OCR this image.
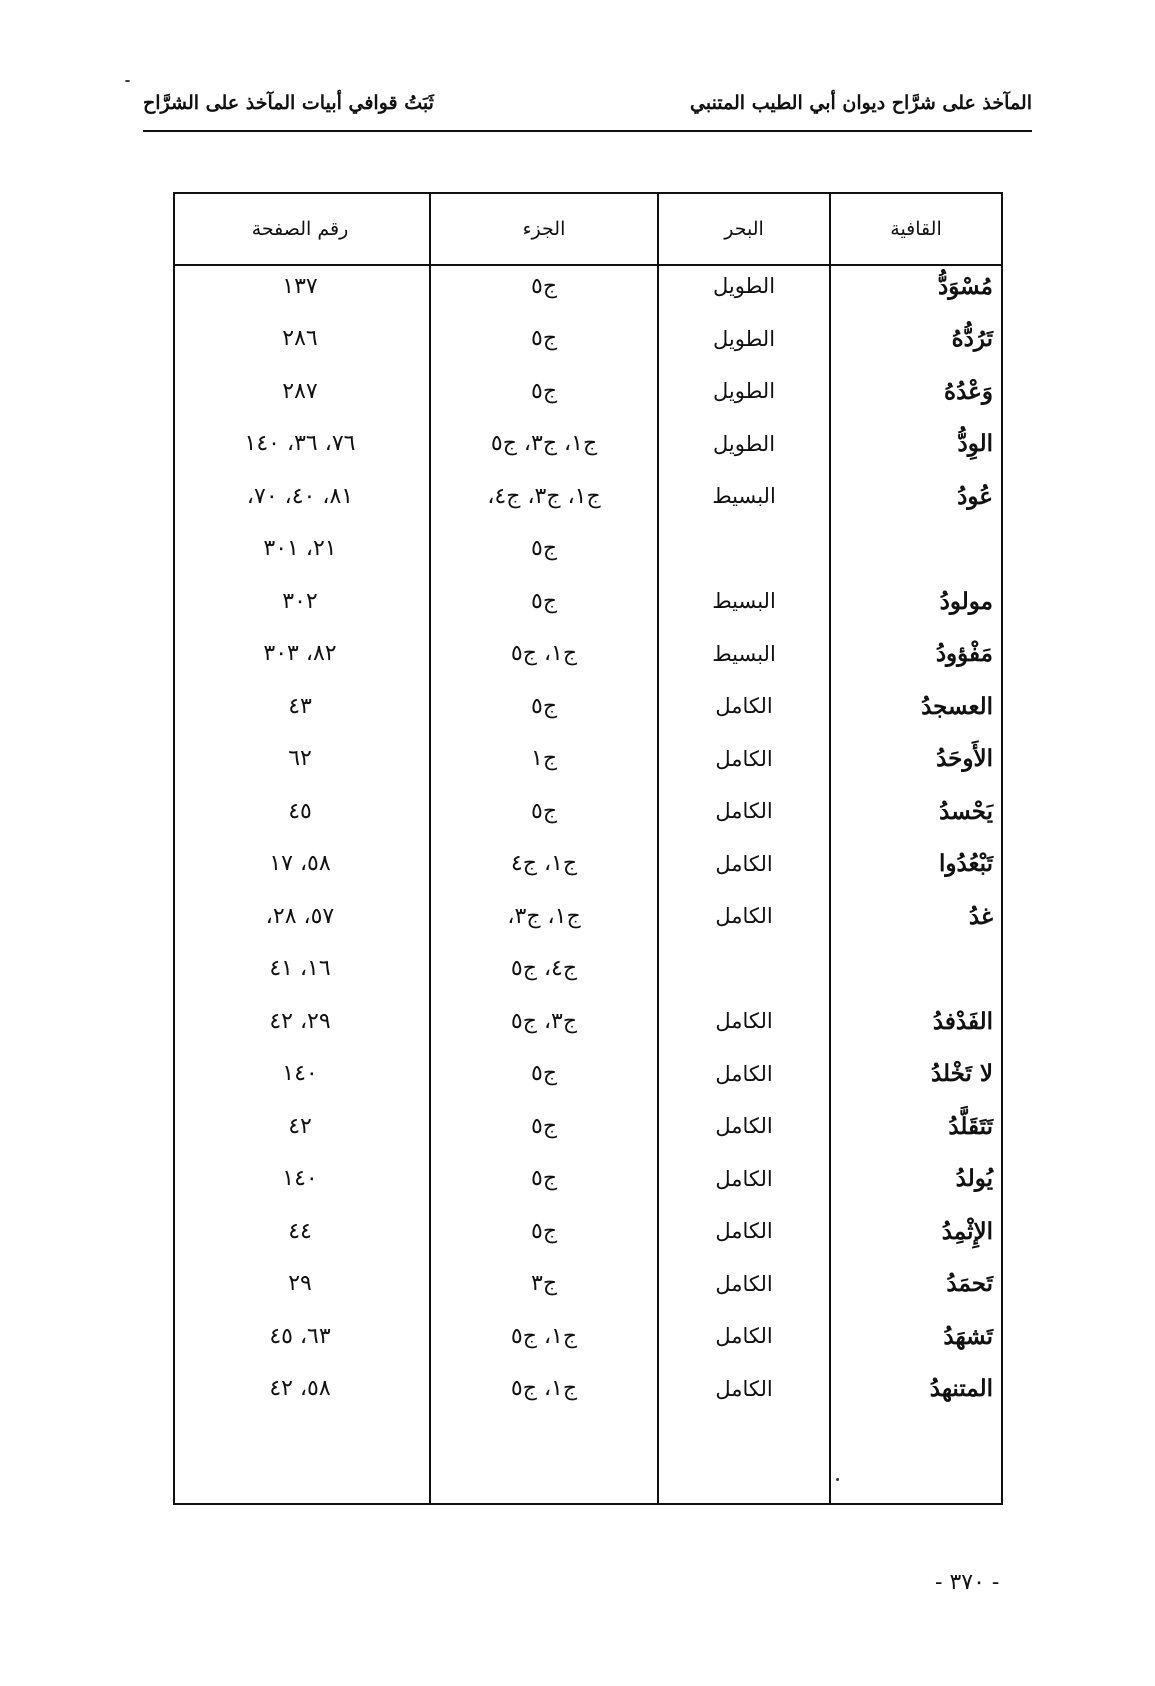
المآخذ على شرَّاح ديوان أبي الطيب المتنبي
ثَبَتُ قوافي أبيات المآخذ على الشرَّاح
القافية
البحر
الجزء
رقم الصفحة
مُسْوَدُّ
الطويل
ج٥
١٣٧
تَرُدُّهُ
الطويل
ج٥
٢٨٦
وَعْدُهُ
الطويل
ج٥
٢٨٧
الوِدُّ
الطويل
ج١، ج٣، ج٥
٧٦، ٣٦، ١٤٠
عُودُ
البسيط
ج١، ج٣، ج٤،
٨١، ٤٠، ٧٠،
ج٥
٢١، ٣٠١
مولودُ
البسيط
ج٥
٣٠٢
مَفْؤودُ
البسيط
ج١، ج٥
٨٢، ٣٠٣
العسجدُ
الكامل
ج٥
٤٣
الأَوحَدُ
الكامل
ج١
٦٢
يَحْسدُ
الكامل
ج٥
٤٥
تَبْعُدُوا
الكامل
ج١، ج٤
٥٨، ١٧
غدُ
الكامل
ج١، ج٣،
٥٧، ٢٨،
ج٤، ج٥
١٦، ٤١
الفَدْفدُ
الكامل
ج٣، ج٥
٢٩، ٤٢
لا تَخْلدُ
الكامل
ج٥
١٤٠
تَتَقَلَّدُ
الكامل
ج٥
٤٢
يُولدُ
الكامل
ج٥
١٤٠
الإِثْمِدُ
الكامل
ج٥
٤٤
تَحمَدُ
الكامل
ج٣
٢٩
تَشهَدُ
الكامل
ج١، ج٥
٦٣، ٤٥
المتنهدُ
الكامل
ج١، ج٥
٥٨، ٤٢
- ٣٧٠ -
